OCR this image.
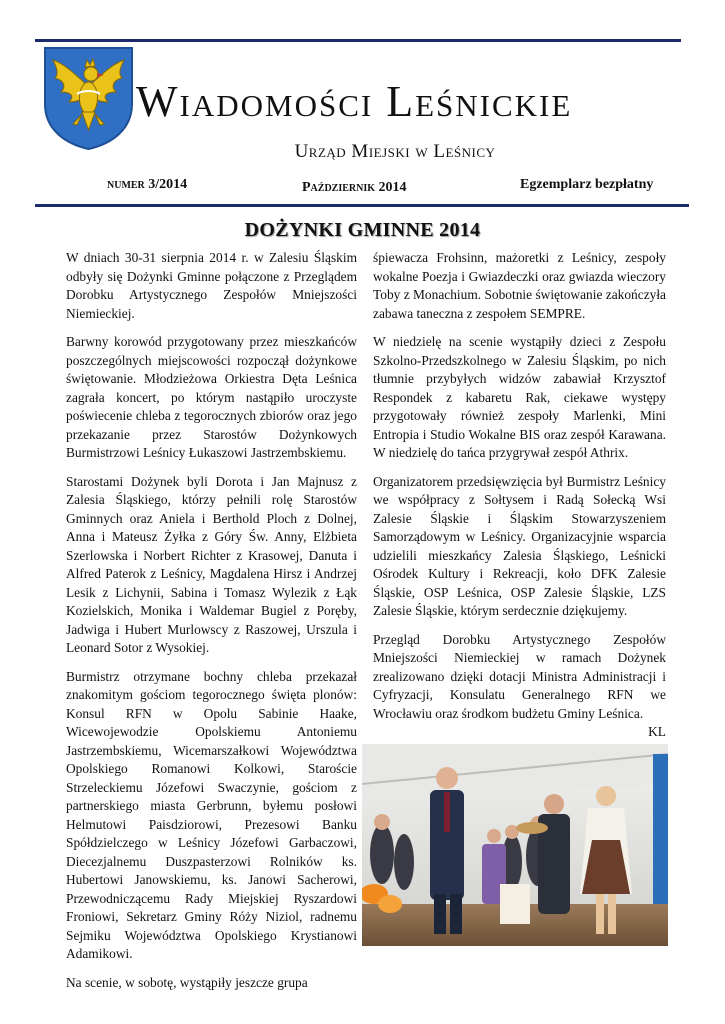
Wiadomości Leśnickie
Urząd Miejski w Leśnicy
numer 3/2014	Październik 2014	Egzemplarz bezpłatny
DOŻYNKI GMINNE 2014

W dniach 30-31 sierpnia 2014 r. w Zalesiu Śląskim odbyły się Dożynki Gminne połączone z Przeglądem Dorobku Artystycznego Zespołów Mniejszości Niemieckiej.

Barwny korowód przygotowany przez mieszkańców poszczególnych miejscowości rozpoczął dożynkowe świętowanie. Młodzieżowa Orkiestra Dęta Leśnica zagrała koncert, po którym nastąpiło uroczyste poświecenie chleba z tegorocznych zbiorów oraz jego przekazanie przez Starostów Dożynkowych Burmistrzowi Leśnicy Łukaszowi Jastrzembskiemu.

Starostami Dożynek byli Dorota i Jan Majnusz z Zalesia Śląskiego, którzy pełnili rolę Starostów Gminnych oraz Aniela i Berthold Ploch z Dolnej, Anna i Mateusz Żyłka z Góry Św. Anny, Elżbieta Szerlowska i Norbert Richter z Krasowej, Danuta i Alfred Paterok z Leśnicy, Magdalena Hirsz i Andrzej Lesik z Lichynii, Sabina i Tomasz Wylezik z Łąk Kozielskich, Monika i Waldemar Bugiel z Poręby, Jadwiga i Hubert Murlowscy z Raszowej, Urszula i Leonard Sotor z Wysokiej.

Burmistrz otrzymane bochny chleba przekazał znakomitym gościom tegorocznego święta plonów: Konsul RFN w Opolu Sabinie Haake, Wicewojewodzie Opolskiemu Antoniemu Jastrzembskiemu, Wicemarszałkowi Województwa Opolskiego Romanowi Kolkowi, Staroście Strzeleckiemu Józefowi Swaczynie, gościom z partnerskiego miasta Gerbrunn, byłemu posłowi Helmutowi Paisdziorowi, Prezesowi Banku Spółdzielczego w Leśnicy Józefowi Garbaczowi, Diecezjalnemu Duszpasterzowi Rolników ks. Hubertowi Janowskiemu, ks. Janowi Sacherowi, Przewodniczącemu Rady Miejskiej Ryszardowi Froniowi, Sekretarz Gminy Róży Niziol, radnemu Sejmiku Województwa Opolskiego Krystianowi Adamikowi.

Na scenie, w sobotę, wystąpiły jeszcze grupa

śpiewacza Frohsinn, mażoretki z Leśnicy, zespoły wokalne Poezja i Gwiazdeczki oraz gwiazda wieczory Toby z Monachium. Sobotnie świętowanie zakończyła zabawa taneczna z zespołem SEMPRE.

W niedzielę na scenie wystąpiły dzieci z Zespołu Szkolno-Przedszkolnego w Zalesiu Śląskim, po nich tłumnie przybyłych widzów zabawiał Krzysztof Respondek z kabaretu Rak, ciekawe występy przygotowały również zespoły Marlenki, Mini Entropia i Studio Wokalne BIS oraz zespół Karawana. W niedzielę do tańca przygrywał zespół Athrix.

Organizatorem przedsięwzięcia był Burmistrz Leśnicy we współpracy z Sołtysem i Radą Sołecką Wsi Zalesie Śląskie i Śląskim Stowarzyszeniem Samorządowym w Leśnicy. Organizacyjnie wsparcia udzielili mieszkańcy Zalesia Śląskiego, Leśnicki Ośrodek Kultury i Rekreacji, koło DFK Zalesie Śląskie, OSP Leśnica, OSP Zalesie Śląskie, LZS Zalesie Śląskie, którym serdecznie dziękujemy.

Przegląd Dorobku Artystycznego Zespołów Mniejszości Niemieckiej w ramach Dożynek zrealizowano dzięki dotacji Ministra Administracji i Cyfryzacji, Konsulatu Generalnego RFN we Wrocławiu oraz środkom budżetu Gminy Leśnica.

KL
